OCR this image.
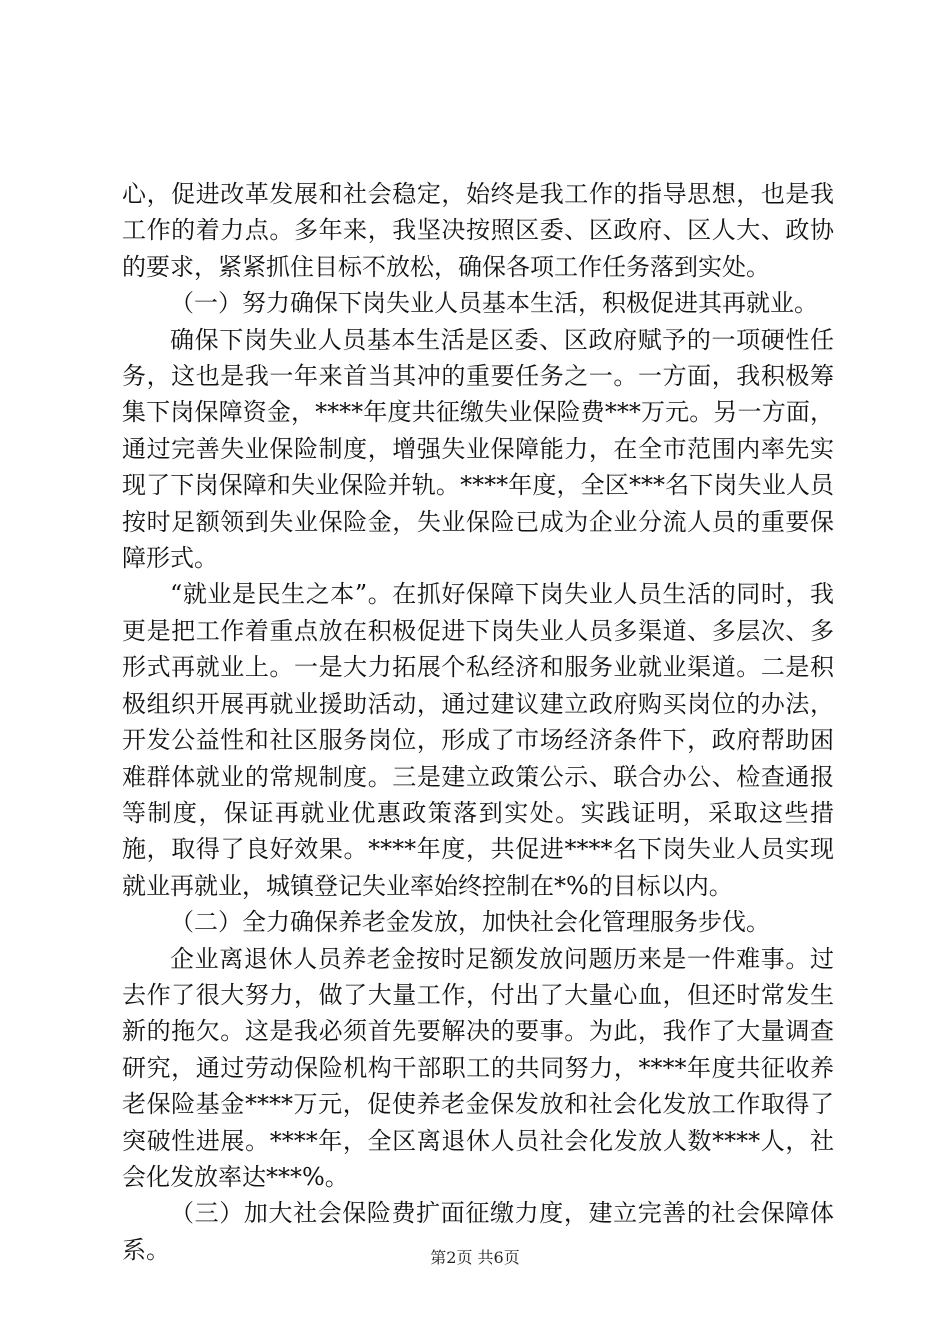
心，促进改革发展和社会稳定，始终是我工作的指导思想，也是我工作的着力点。多年来，我坚决按照区委、区政府、区人大、政协的要求，紧紧抓住目标不放松，确保各项工作任务落到实处。

（一）努力确保下岗失业人员基本生活，积极促进其再就业。

确保下岗失业人员基本生活是区委、区政府赋予的一项硬性任务，这也是我一年来首当其冲的重要任务之一。一方面，我积极筹集下岗保障资金，****年度共征缴失业保险费***万元。另一方面，通过完善失业保险制度，增强失业保障能力，在全市范围内率先实现了下岗保障和失业保险并轨。****年度，全区***名下岗失业人员按时足额领到失业保险金，失业保险已成为企业分流人员的重要保障形式。

“就业是民生之本”。在抓好保障下岗失业人员生活的同时，我更是把工作着重点放在积极促进下岗失业人员多渠道、多层次、多形式再就业上。一是大力拓展个私经济和服务业就业渠道。二是积极组织开展再就业援助活动，通过建议建立政府购买岗位的办法，开发公益性和社区服务岗位，形成了市场经济条件下，政府帮助困难群体就业的常规制度。三是建立政策公示、联合办公、检查通报等制度，保证再就业优惠政策落到实处。实践证明，采取这些措施，取得了良好效果。****年度，共促进****名下岗失业人员实现就业再就业，城镇登记失业率始终控制在*%的目标以内。

（二）全力确保养老金发放，加快社会化管理服务步伐。

企业离退休人员养老金按时足额发放问题历来是一件难事。过去作了很大努力，做了大量工作，付出了大量心血，但还时常发生新的拖欠。这是我必须首先要解决的要事。为此，我作了大量调查研究，通过劳动保险机构干部职工的共同努力，****年度共征收养老保险基金****万元，促使养老金保发放和社会化发放工作取得了突破性进展。****年，全区离退休人员社会化发放人数****人，社会化发放率达***%。

（三）加大社会保险费扩面征缴力度，建立完善的社会保障体系。	第2页 共6页
